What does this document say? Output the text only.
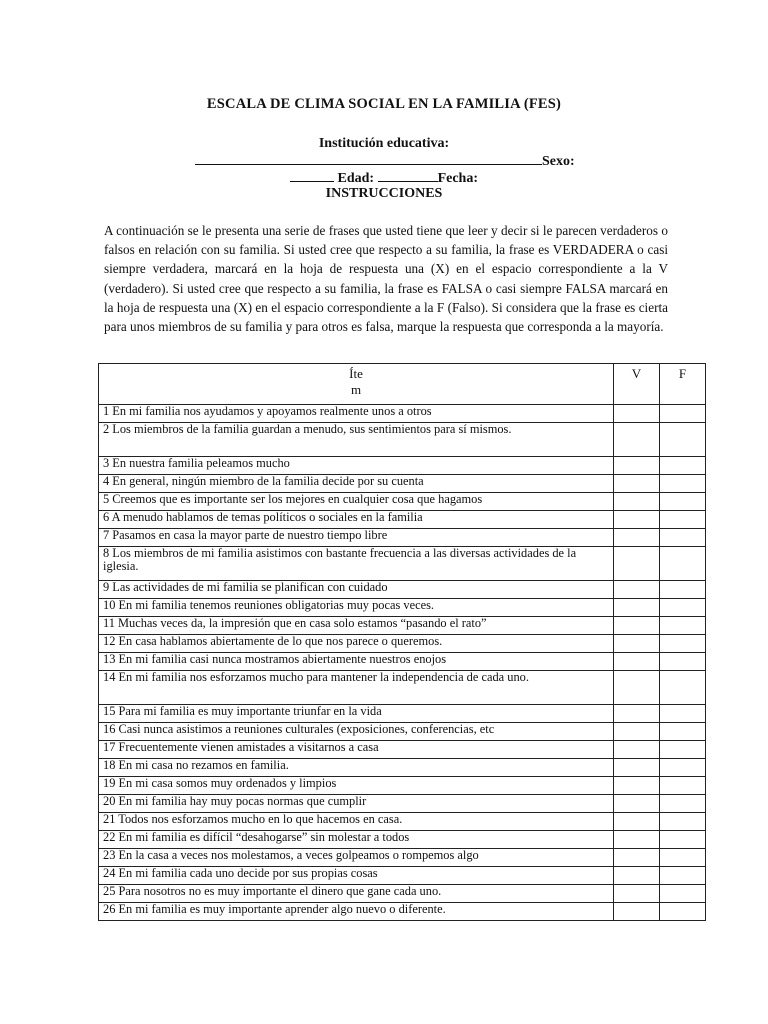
ESCALA DE CLIMA SOCIAL EN LA FAMILIA (FES)
Institución educativa:
Sexo:
Edad:	Fecha:
INSTRUCCIONES
A continuación se le presenta una serie de frases que usted tiene que leer y decir si le parecen verdaderos o falsos en relación con su familia. Si usted cree que respecto a su familia, la frase es VERDADERA o casi siempre verdadera, marcará en la hoja de respuesta una (X) en el espacio correspondiente a la V (verdadero). Si usted cree que respecto a su familia, la frase es FALSA o casi siempre FALSA marcará en la hoja de respuesta una (X) en el espacio correspondiente a la F (Falso). Si considera que la frase es cierta para unos miembros de su familia y para otros es falsa, marque la respuesta que corresponda a la mayoría.
Íte
m	V	F
1 En mi familia nos ayudamos y apoyamos realmente unos a otros		
2 Los miembros de la familia guardan a menudo, sus sentimientos para sí mismos.		
3 En nuestra familia peleamos mucho		
4 En general, ningún miembro de la familia decide por su cuenta		
5 Creemos que es importante ser los mejores en cualquier cosa que hagamos		
6 A menudo hablamos de temas políticos o sociales en la familia		
7 Pasamos en casa la mayor parte de nuestro tiempo libre		
8 Los miembros de mi familia asistimos con bastante frecuencia a las diversas actividades de la iglesia.		
9 Las actividades de mi familia se planifican con cuidado		
10 En mi familia tenemos reuniones obligatorias muy pocas veces.		
11 Muchas veces da, la impresión que en casa solo estamos “pasando el rato”		
12 En casa hablamos abiertamente de lo que nos parece o queremos.		
13 En mi familia casi nunca mostramos abiertamente nuestros enojos		
14 En mi familia nos esforzamos mucho para mantener la independencia de cada uno.		
15 Para mi familia es muy importante triunfar en la vida		
16 Casi nunca asistimos a reuniones culturales (exposiciones, conferencias, etc		
17 Frecuentemente vienen amistades a visitarnos a casa		
18 En mi casa no rezamos en familia.		
19 En mi casa somos muy ordenados y limpios		
20 En mi familia hay muy pocas normas que cumplir		
21 Todos nos esforzamos mucho en lo que hacemos en casa.		
22 En mi familia es difícil “desahogarse” sin molestar a todos		
23 En la casa a veces nos molestamos, a veces golpeamos o rompemos algo		
24 En mi familia cada uno decide por sus propias cosas		
25 Para nosotros no es muy importante el dinero que gane cada uno.		
26 En mi familia es muy importante aprender algo nuevo o diferente.		
